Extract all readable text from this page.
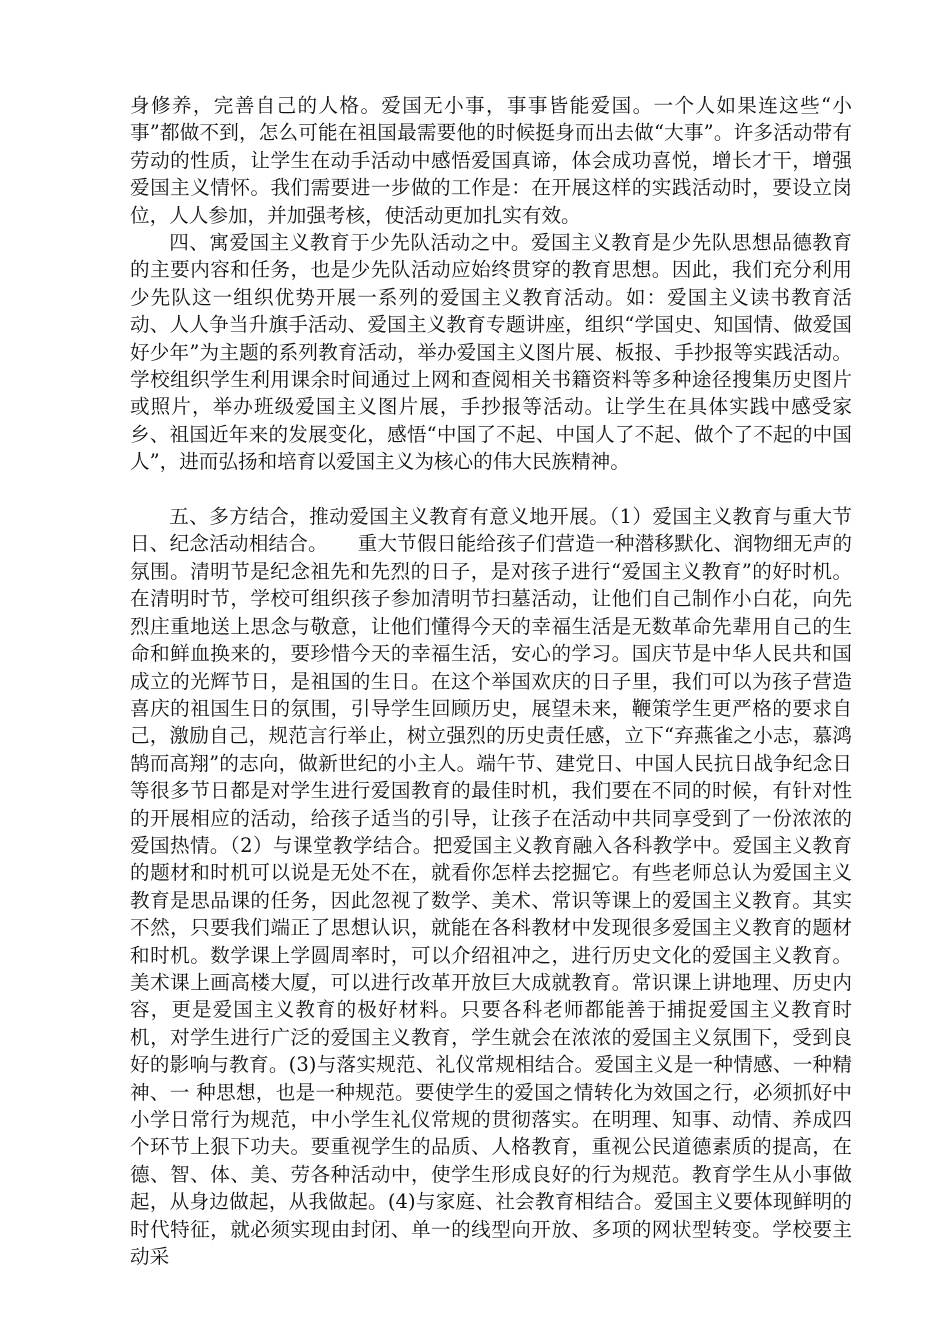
身修养，完善自己的人格。爱国无小事，事事皆能爱国。一个人如果连这些“小事”都做不到，怎么可能在祖国最需要他的时候挺身而出去做“大事”。许多活动带有劳动的性质，让学生在动手活动中感悟爱国真谛，体会成功喜悦，增长才干，增强爱国主义情怀。我们需要进一步做的工作是：在开展这样的实践活动时，要设立岗位，人人参加，并加强考核，使活动更加扎实有效。

四、寓爱国主义教育于少先队活动之中。爱国主义教育是少先队思想品德教育的主要内容和任务，也是少先队活动应始终贯穿的教育思想。因此，我们充分利用少先队这一组织优势开展一系列的爱国主义教育活动。如：爱国主义读书教育活动、人人争当升旗手活动、爱国主义教育专题讲座，组织“学国史、知国情、做爱国好少年”为主题的系列教育活动，举办爱国主义图片展、板报、手抄报等实践活动。学校组织学生利用课余时间通过上网和查阅相关书籍资料等多种途径搜集历史图片或照片，举办班级爱国主义图片展，手抄报等活动。让学生在具体实践中感受家乡、祖国近年来的发展变化，感悟“中国了不起、中国人了不起、做个了不起的中国人”，进而弘扬和培育以爱国主义为核心的伟大民族精神。

五、多方结合，推动爱国主义教育有意义地开展。（1）爱国主义教育与重大节日、纪念活动相结合。　　重大节假日能给孩子们营造一种潜移默化、润物细无声的氛围。清明节是纪念祖先和先烈的日子，是对孩子进行“爱国主义教育”的好时机。在清明时节，学校可组织孩子参加清明节扫墓活动，让他们自己制作小白花，向先烈庄重地送上思念与敬意，让他们懂得今天的幸福生活是无数革命先辈用自己的生命和鲜血换来的，要珍惜今天的幸福生活，安心的学习。国庆节是中华人民共和国成立的光辉节日，是祖国的生日。在这个举国欢庆的日子里，我们可以为孩子营造喜庆的祖国生日的氛围，引导学生回顾历史，展望未来，鞭策学生更严格的要求自己，激励自己，规范言行举止，树立强烈的历史责任感，立下“弃燕雀之小志，慕鸿鹄而高翔”的志向，做新世纪的小主人。端午节、建党日、中国人民抗日战争纪念日等很多节日都是对学生进行爱国教育的最佳时机，我们要在不同的时候，有针对性的开展相应的活动，给孩子适当的引导，让孩子在活动中共同享受到了一份浓浓的爱国热情。（2）与课堂教学结合。把爱国主义教育融入各科教学中。爱国主义教育的题材和时机可以说是无处不在，就看你怎样去挖掘它。有些老师总认为爱国主义教育是思品课的任务，因此忽视了数学、美术、常识等课上的爱国主义教育。其实不然，只要我们端正了思想认识，就能在各科教材中发现很多爱国主义教育的题材和时机。数学课上学圆周率时，可以介绍祖冲之，进行历史文化的爱国主义教育。美术课上画高楼大厦，可以进行改革开放巨大成就教育。常识课上讲地理、历史内容，更是爱国主义教育的极好材料。只要各科老师都能善于捕捉爱国主义教育时机，对学生进行广泛的爱国主义教育，学生就会在浓浓的爱国主义氛围下，受到良好的影响与教育。(3)与落实规范、礼仪常规相结合。爱国主义是一种情感、一种精神、一 种思想，也是一种规范。要使学生的爱国之情转化为效国之行，必须抓好中小学日常行为规范，中小学生礼仪常规的贯彻落实。在明理、知事、动情、养成四个环节上狠下功夫。要重视学生的品质、人格教育，重视公民道德素质的提高，在德、智、体、美、劳各种活动中，使学生形成良好的行为规范。教育学生从小事做起，从身边做起，从我做起。(4)与家庭、社会教育相结合。爱国主义要体现鲜明的时代特征，就必须实现由封闭、单一的线型向开放、多项的网状型转变。学校要主动采
